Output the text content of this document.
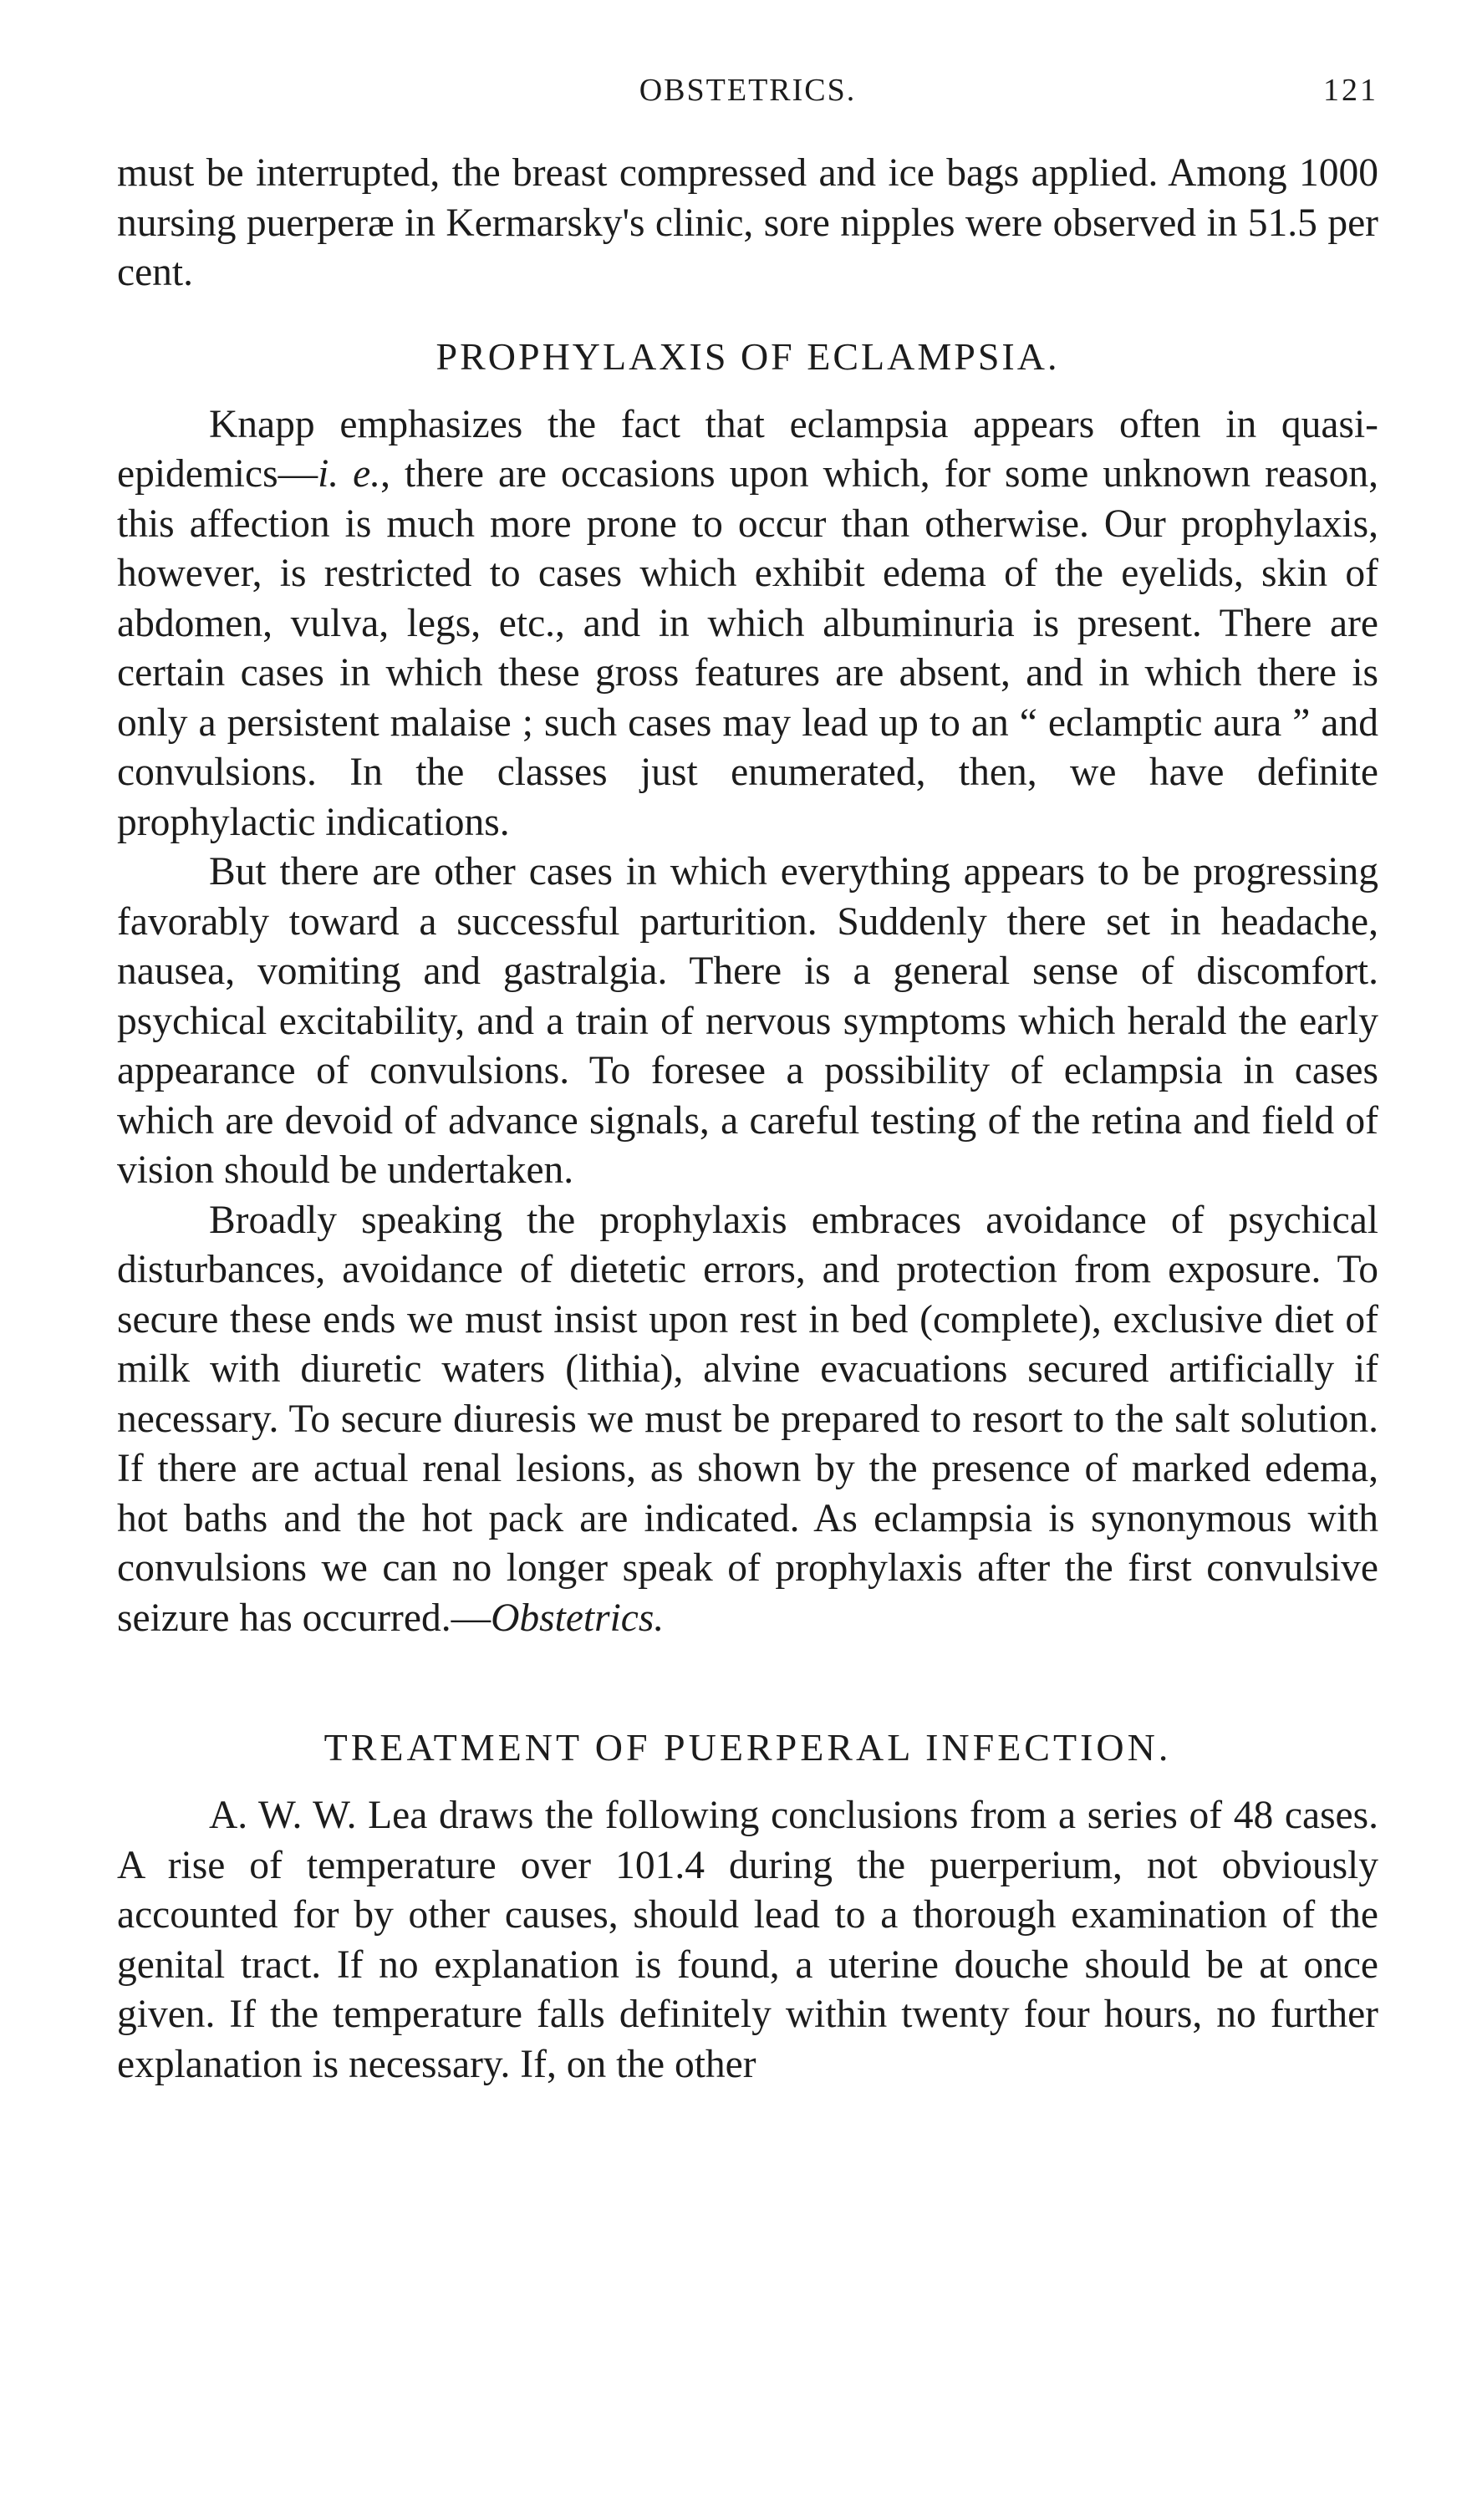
OBSTETRICS.	121

must be interrupted, the breast compressed and ice bags applied. Among 1000 nursing puerperæ in Kermarsky's clinic, sore nipples were observed in 51.5 per cent.

PROPHYLAXIS OF ECLAMPSIA.

Knapp emphasizes the fact that eclampsia appears often in quasi-epidemics—i. e., there are occasions upon which, for some unknown reason, this affection is much more prone to occur than otherwise. Our prophylaxis, however, is restricted to cases which exhibit edema of the eyelids, skin of abdomen, vulva, legs, etc., and in which albuminuria is present. There are certain cases in which these gross features are absent, and in which there is only a persistent malaise ; such cases may lead up to an “ eclamptic aura ” and convulsions. In the classes just enumerated, then, we have definite prophylactic indications.

But there are other cases in which everything appears to be progressing favorably toward a successful parturition. Suddenly there set in headache, nausea, vomiting and gastralgia. There is a general sense of discomfort. psychical excitability, and a train of nervous symptoms which herald the early appearance of convulsions. To foresee a possibility of eclampsia in cases which are devoid of advance signals, a careful testing of the retina and field of vision should be undertaken.

Broadly speaking the prophylaxis embraces avoidance of psychical disturbances, avoidance of dietetic errors, and protection from exposure. To secure these ends we must insist upon rest in bed (complete), exclusive diet of milk with diuretic waters (lithia), alvine evacuations secured artificially if necessary. To secure diuresis we must be prepared to resort to the salt solution. If there are actual renal lesions, as shown by the presence of marked edema, hot baths and the hot pack are indicated. As eclampsia is synonymous with convulsions we can no longer speak of prophylaxis after the first convulsive seizure has occurred.—Obstetrics.

TREATMENT OF PUERPERAL INFECTION.

A. W. W. Lea draws the following conclusions from a series of 48 cases. A rise of temperature over 101.4 during the puerperium, not obviously accounted for by other causes, should lead to a thorough examination of the genital tract. If no explanation is found, a uterine douche should be at once given. If the temperature falls definitely within twenty four hours, no further explanation is necessary. If, on the other
